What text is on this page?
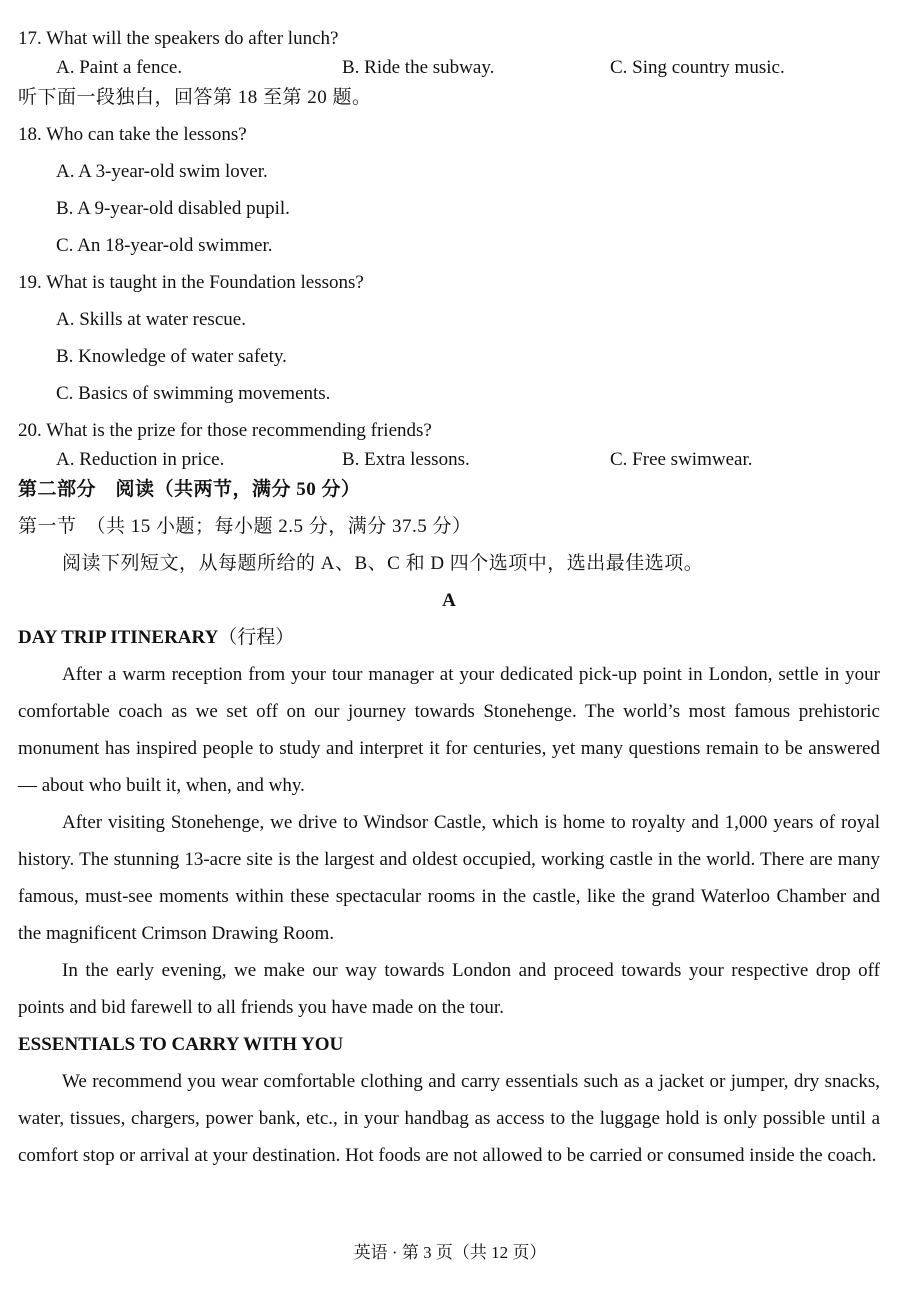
17. What will the speakers do after lunch?
A. Paint a fence.	B. Ride the subway.	C. Sing country music.
听下面一段独白，回答第 18 至第 20 题。
18. Who can take the lessons?
A. A 3-year-old swim lover.
B. A 9-year-old disabled pupil.
C. An 18-year-old swimmer.
19. What is taught in the Foundation lessons?
A. Skills at water rescue.
B. Knowledge of water safety.
C. Basics of swimming movements.
20. What is the prize for those recommending friends?
A. Reduction in price.	B. Extra lessons.	C. Free swimwear.
第二部分　阅读（共两节，满分 50 分）
第一节　（共 15 小题；每小题 2.5 分，满分 37.5 分）
阅读下列短文，从每题所给的 A、B、C 和 D 四个选项中，选出最佳选项。
A
DAY TRIP ITINERARY（行程）

After a warm reception from your tour manager at your dedicated pick-up point in London, settle in your comfortable coach as we set off on our journey towards Stonehenge. The world’s most famous prehistoric monument has inspired people to study and interpret it for centuries, yet many questions remain to be answered — about who built it, when, and why.

After visiting Stonehenge, we drive to Windsor Castle, which is home to royalty and 1,000 years of royal history. The stunning 13-acre site is the largest and oldest occupied, working castle in the world. There are many famous, must-see moments within these spectacular rooms in the castle, like the grand Waterloo Chamber and the magnificent Crimson Drawing Room.

In the early evening, we make our way towards London and proceed towards your respective drop off points and bid farewell to all friends you have made on the tour.

ESSENTIALS TO CARRY WITH YOU

We recommend you wear comfortable clothing and carry essentials such as a jacket or jumper, dry snacks, water, tissues, chargers, power bank, etc., in your handbag as access to the luggage hold is only possible until a comfort stop or arrival at your destination. Hot foods are not allowed to be carried or consumed inside the coach.

英语 · 第 3 页（共 12 页）
